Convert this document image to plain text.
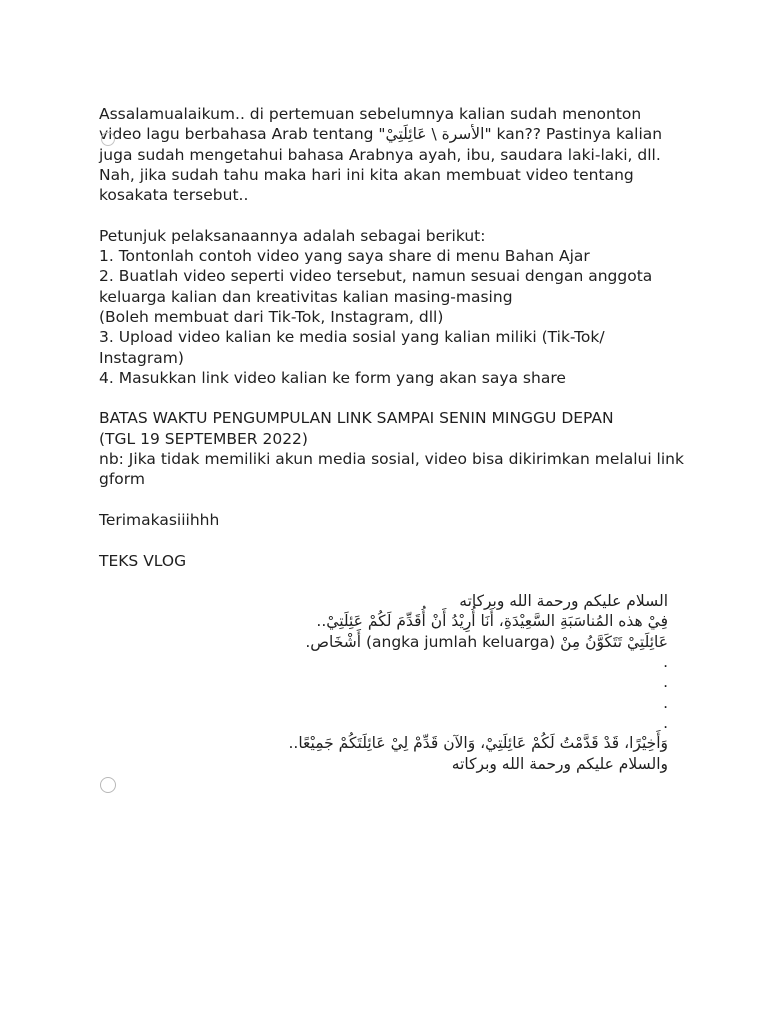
Assalamualaikum.. di pertemuan sebelumnya kalian sudah menonton

video lagu berbahasa Arab tentang "الأسرة \ عَائِلَتِيْ" kan?? Pastinya kalian

juga sudah mengetahui bahasa Arabnya ayah, ibu, saudara laki-laki, dll.

Nah, jika sudah tahu maka hari ini kita akan membuat video tentang

kosakata tersebut..

Petunjuk pelaksanaannya adalah sebagai berikut:

1. Tontonlah contoh video yang saya share di menu Bahan Ajar

2. Buatlah video seperti video tersebut, namun sesuai dengan anggota

keluarga kalian dan kreativitas kalian masing-masing

(Boleh membuat dari Tik-Tok, Instagram, dll)

3. Upload video kalian ke media sosial yang kalian miliki (Tik-Tok/

Instagram)

4. Masukkan link video kalian ke form yang akan saya share

BATAS WAKTU PENGUMPULAN LINK SAMPAI SENIN MINGGU DEPAN

(TGL 19 SEPTEMBER 2022)

nb: Jika tidak memiliki akun media sosial, video bisa dikirimkan melalui link

gform

Terimakasiiihhh

TEKS VLOG

السلام عليكم ورحمة الله وبركاته

فِيْ هذه المُناسَبَةِ السَّعِيْدَةِ، أَنَا أُرِيْدُ أَنْ أُقَدِّمَ لَكُمْ عَئِلَتِيْ..

عَائِلَتِيْ تَتَكَوَّنُ مِنْ (angka jumlah keluarga) أَشْخَاص.

.

.

.

.

وَأَخِيْرًا، قَدْ قَدَّمْتُ لَكُمْ عَائِلَتِيْ، وَالآن قَدِّمْ لِيْ عَائِلَتَكُمْ جَمِيْعًا..

والسلام عليكم ورحمة الله وبركاته
